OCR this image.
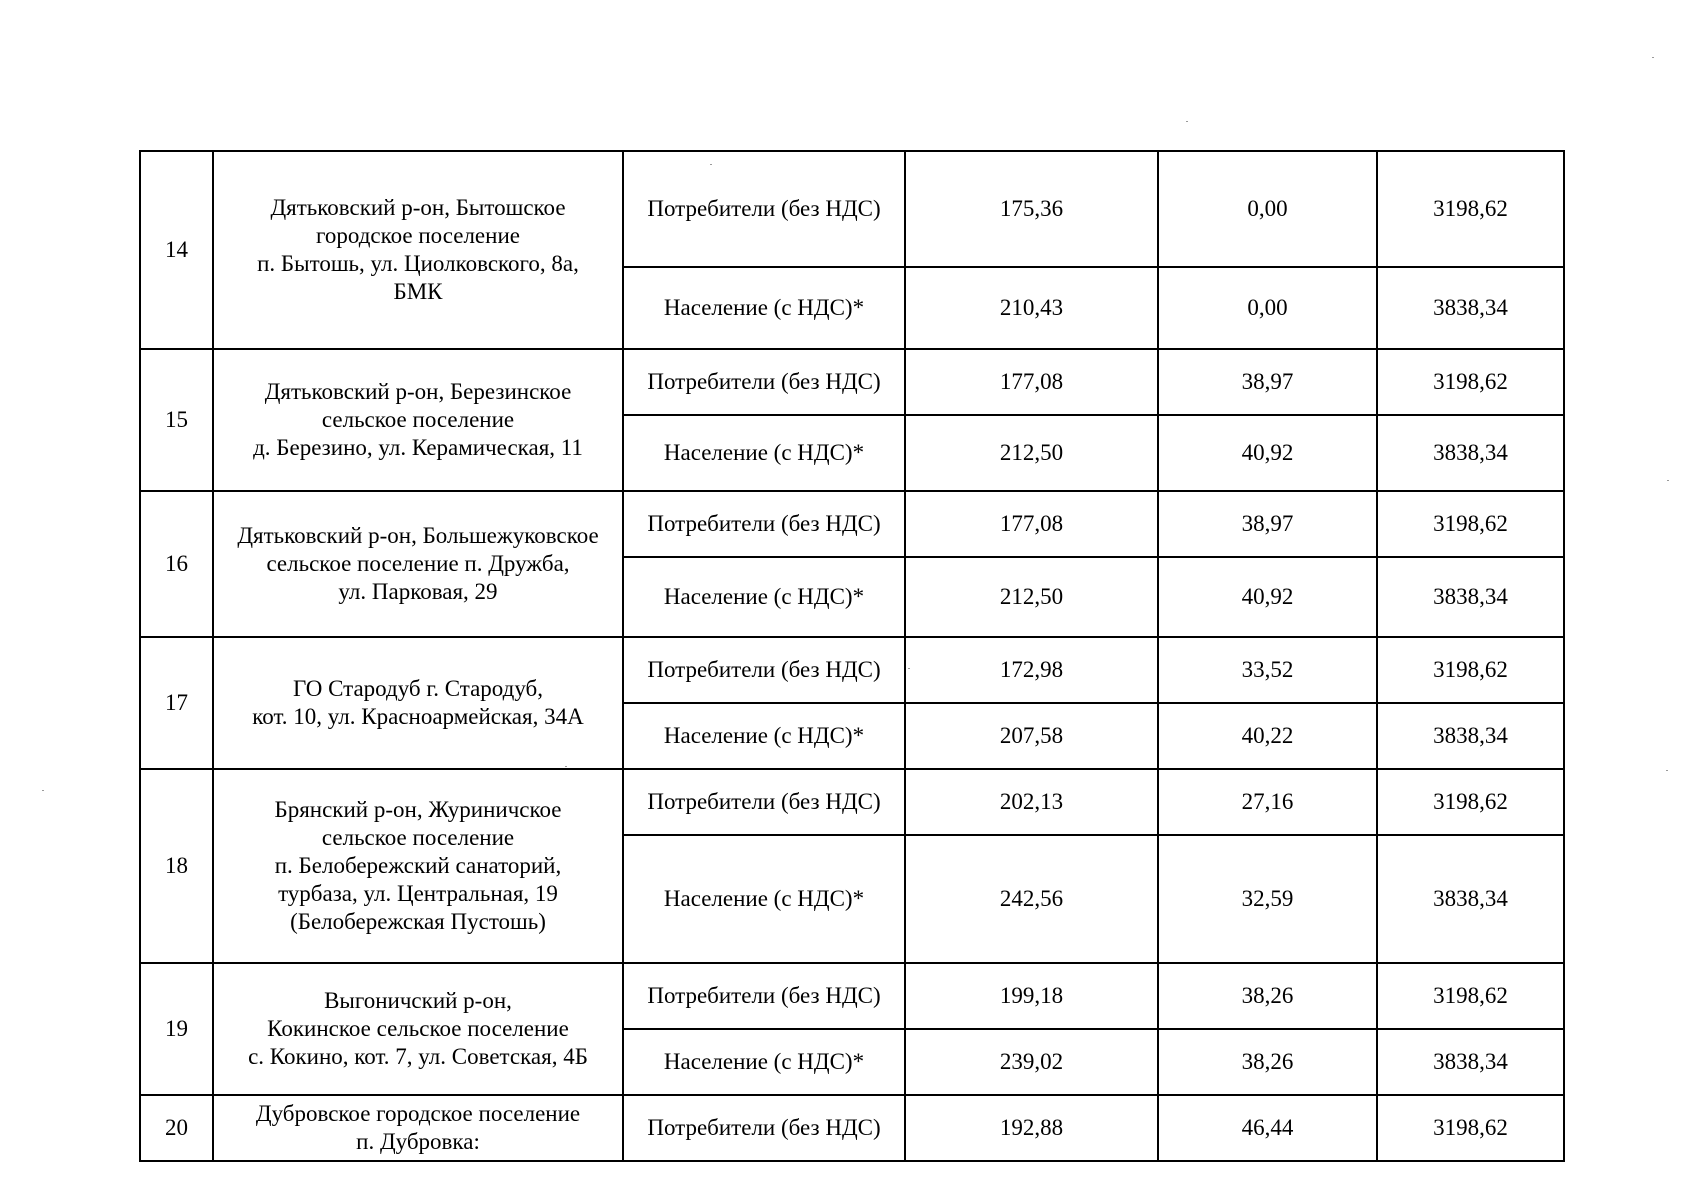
14	Дятьковский р-он, Бытошское
городское поселение
п. Бытошь, ул. Циолковского, 8а,
БМК	Потребители (без НДС)	175,36	0,00	3198,62
		Население (с НДС)*	210,43	0,00	3838,34
15	Дятьковский р-он, Березинское
сельское поселение
д. Березино, ул. Керамическая, 11	Потребители (без НДС)	177,08	38,97	3198,62
		Население (с НДС)*	212,50	40,92	3838,34
16	Дятьковский р-он, Большежуковское
сельское поселение п. Дружба,
ул. Парковая, 29	Потребители (без НДС)	177,08	38,97	3198,62
		Население (с НДС)*	212,50	40,92	3838,34
17	ГО Стародуб г. Стародуб,
кот. 10, ул. Красноармейская, 34А	Потребители (без НДС)	172,98	33,52	3198,62
		Население (с НДС)*	207,58	40,22	3838,34
18	Брянский р-он, Журиничское
сельское поселение
п. Белобережский санаторий,
турбаза, ул. Центральная, 19
(Белобережская Пустошь)	Потребители (без НДС)	202,13	27,16	3198,62
		Население (с НДС)*	242,56	32,59	3838,34
19	Выгоничский р-он,
Кокинское сельское поселение
с. Кокино, кот. 7, ул. Советская, 4Б	Потребители (без НДС)	199,18	38,26	3198,62
		Население (с НДС)*	239,02	38,26	3838,34
20	Дубровское городское поселение
п. Дубровка:	Потребители (без НДС)	192,88	46,44	3198,62
